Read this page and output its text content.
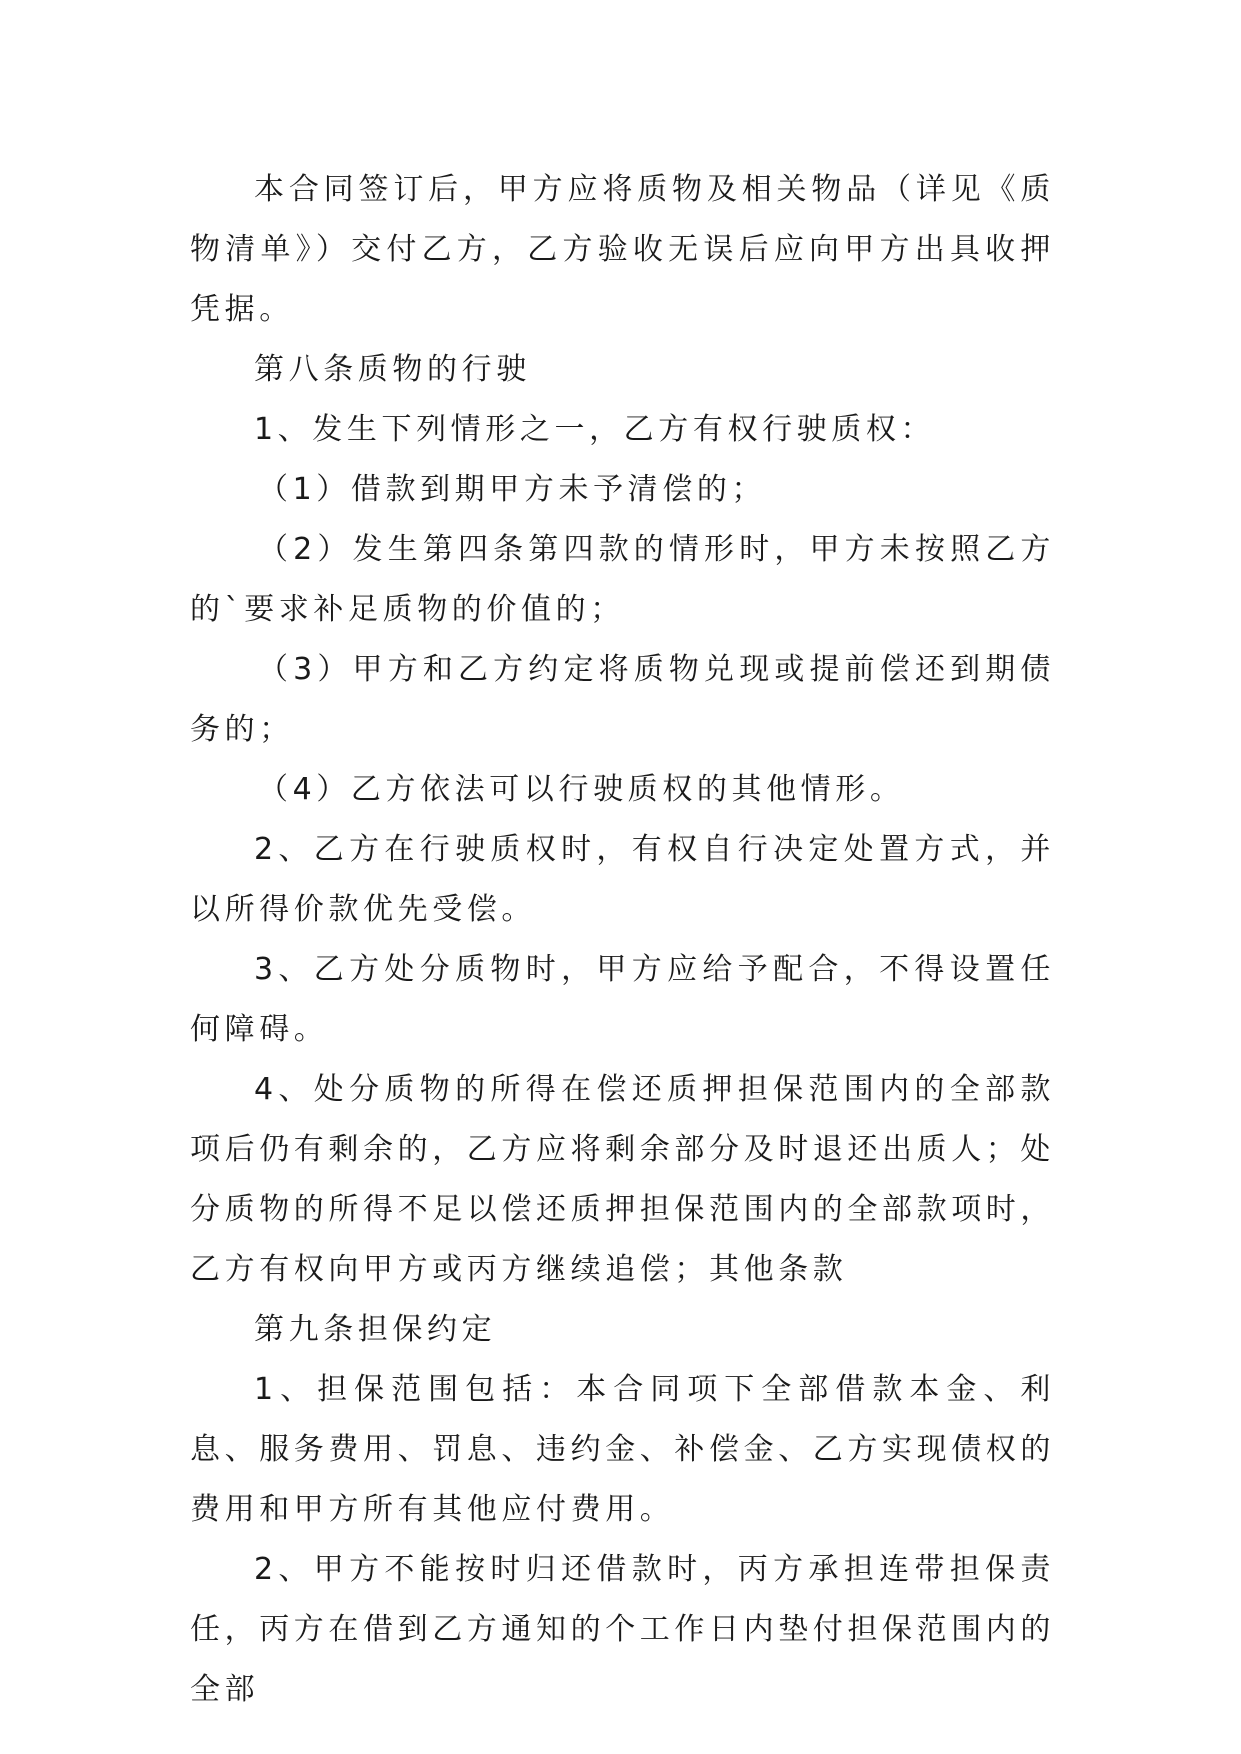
本合同签订后，甲方应将质物及相关物品（详见《质物清单》）交付乙方，乙方验收无误后应向甲方出具收押凭据。

第八条质物的行驶

1、发生下列情形之一，乙方有权行驶质权：

（1）借款到期甲方未予清偿的；

（2）发生第四条第四款的情形时，甲方未按照乙方的`要求补足质物的价值的；

（3）甲方和乙方约定将质物兑现或提前偿还到期债务的；

（4）乙方依法可以行驶质权的其他情形。

2、乙方在行驶质权时，有权自行决定处置方式，并以所得价款优先受偿。

3、乙方处分质物时，甲方应给予配合，不得设置任何障碍。

4、处分质物的所得在偿还质押担保范围内的全部款项后仍有剩余的，乙方应将剩余部分及时退还出质人；处分质物的所得不足以偿还质押担保范围内的全部款项时，乙方有权向甲方或丙方继续追偿；其他条款

第九条担保约定

1、担保范围包括：本合同项下全部借款本金、利息、服务费用、罚息、违约金、补偿金、乙方实现债权的费用和甲方所有其他应付费用。

2、甲方不能按时归还借款时，丙方承担连带担保责任，丙方在借到乙方通知的个工作日内垫付担保范围内的全部
